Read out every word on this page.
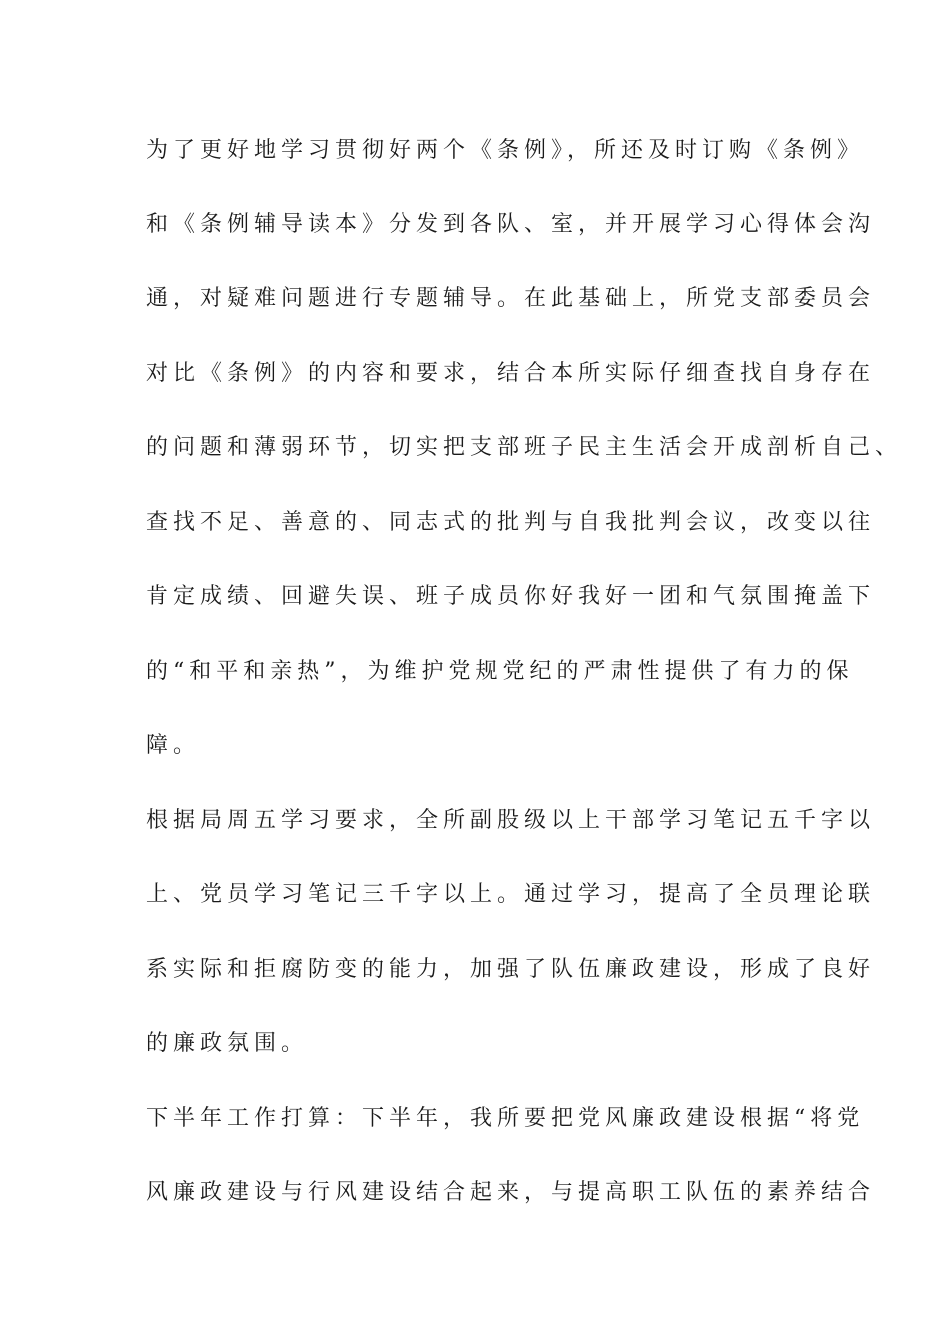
为了更好地学习贯彻好两个《条例》，所还及时订购《条例》

和《条例辅导读本》分发到各队、室，并开展学习心得体会沟

通，对疑难问题进行专题辅导。在此基础上，所党支部委员会

对比《条例》的内容和要求，结合本所实际仔细查找自身存在

的问题和薄弱环节，切实把支部班子民主生活会开成剖析自己、

查找不足、善意的、同志式的批判与自我批判会议，改变以往

肯定成绩、回避失误、班子成员你好我好一团和气氛围掩盖下

的“和平和亲热”，为维护党规党纪的严肃性提供了有力的保

障。

根据局周五学习要求，全所副股级以上干部学习笔记五千字以

上、党员学习笔记三千字以上。通过学习，提高了全员理论联

系实际和拒腐防变的能力，加强了队伍廉政建设，形成了良好

的廉政氛围。

下半年工作打算：下半年，我所要把党风廉政建设根据“将党

风廉政建设与行风建设结合起来，与提高职工队伍的素养结合
